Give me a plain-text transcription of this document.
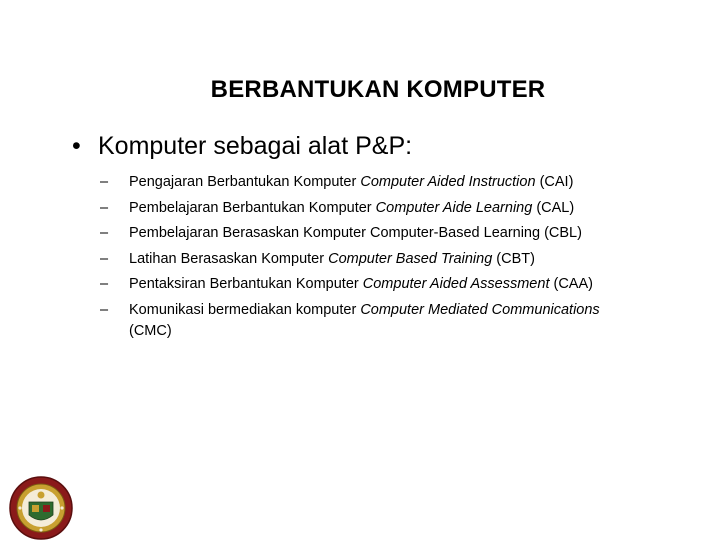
BERBANTUKAN KOMPUTER
• Komputer sebagai alat P&P:
– Pengajaran Berbantukan Komputer Computer Aided Instruction (CAI)
– Pembelajaran Berbantukan Komputer Computer Aide Learning (CAL)
– Pembelajaran Berasaskan Komputer Computer-Based Learning (CBL)
– Latihan Berasaskan Komputer Computer Based Training (CBT)
– Pentaksiran Berbantukan Komputer Computer Aided Assessment (CAA)
– Komunikasi bermediakan komputer Computer Mediated Communications
(CMC)
